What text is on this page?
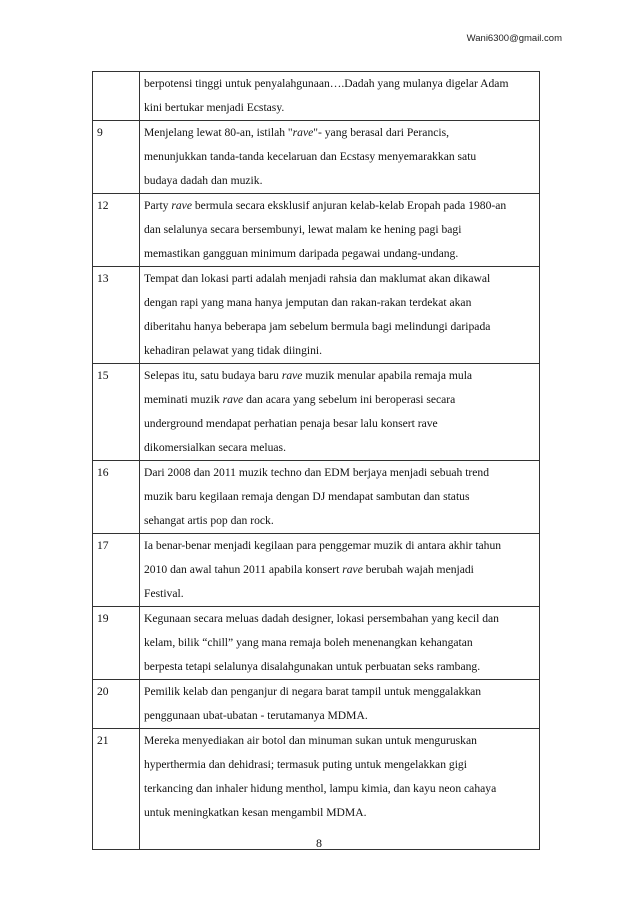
Wani6300@gmail.com

	berpotensi tinggi untuk penyalahgunaan….Dadah yang mulanya digelar Adam
kini bertukar menjadi Ecstasy.

9	Menjelang lewat 80-an, istilah "rave"- yang berasal dari Perancis,
menunjukkan tanda-tanda kecelaruan dan Ecstasy menyemarakkan satu
budaya dadah dan muzik.

12	Party rave bermula secara eksklusif anjuran kelab-kelab Eropah pada 1980-an
dan selalunya secara bersembunyi, lewat malam ke hening pagi bagi
memastikan gangguan minimum daripada pegawai undang-undang.

13	Tempat dan lokasi parti adalah menjadi rahsia dan maklumat akan dikawal
dengan rapi yang mana hanya jemputan dan rakan-rakan terdekat akan
diberitahu hanya beberapa jam sebelum bermula bagi melindungi daripada
kehadiran pelawat yang tidak diingini.

15	Selepas itu, satu budaya baru rave muzik menular apabila remaja mula
meminati muzik rave dan acara yang sebelum ini beroperasi secara
underground mendapat perhatian penaja besar lalu konsert rave
dikomersialkan secara meluas.

16	Dari 2008 dan 2011 muzik techno dan EDM berjaya menjadi sebuah trend
muzik baru kegilaan remaja dengan DJ mendapat sambutan dan status
sehangat artis pop dan rock.

17	Ia benar-benar menjadi kegilaan para penggemar muzik di antara akhir tahun
2010 dan awal tahun 2011 apabila konsert rave berubah wajah menjadi
Festival.

19	Kegunaan secara meluas dadah designer, lokasi persembahan yang kecil dan
kelam, bilik “chill” yang mana remaja boleh menenangkan kehangatan
berpesta tetapi selalunya disalahgunakan untuk perbuatan seks rambang.

20	Pemilik kelab dan penganjur di negara barat tampil untuk menggalakkan
penggunaan ubat-ubatan - terutamanya MDMA.

21	Mereka menyediakan air botol dan minuman sukan untuk menguruskan
hyperthermia dan dehidrasi; termasuk puting untuk mengelakkan gigi
terkancing dan inhaler hidung menthol, lampu kimia, dan kayu neon cahaya
untuk meningkatkan kesan mengambil MDMA.

8
